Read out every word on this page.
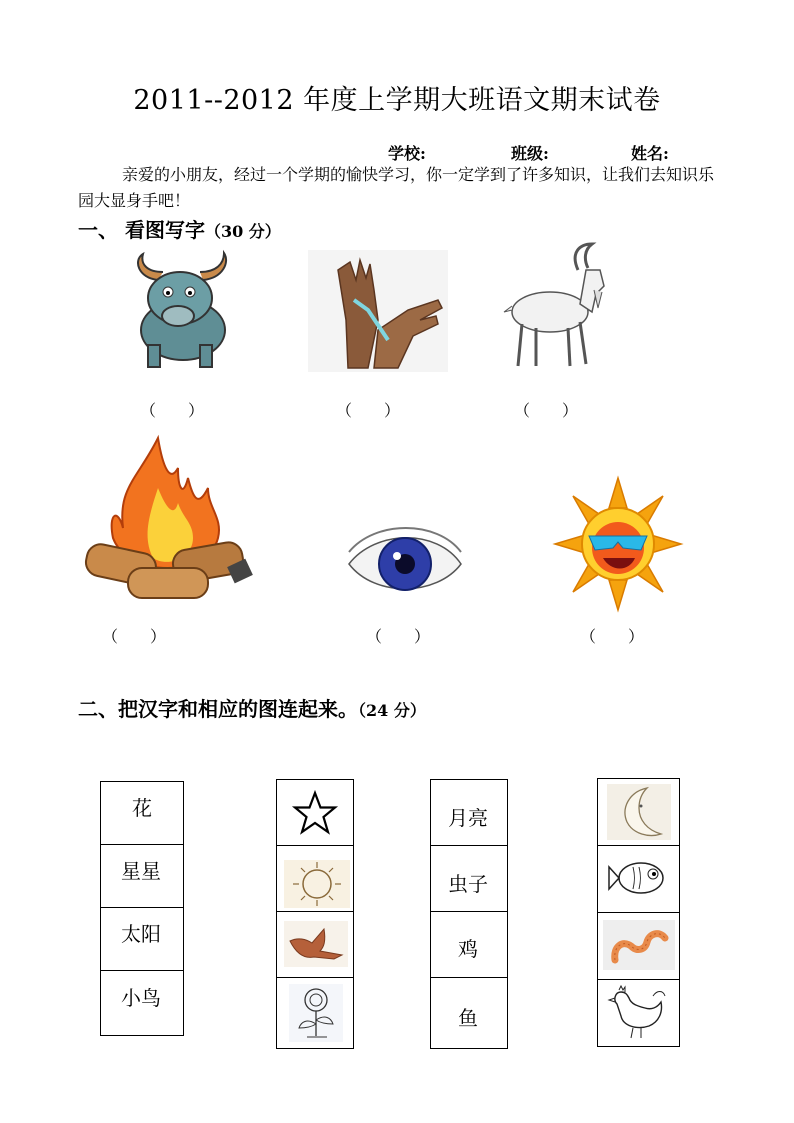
2011--2012 年度上学期大班语文期末试卷
学校:	班级:	姓名:
亲爱的小朋友，经过一个学期的愉快学习，你一定学到了许多知识，让我们去知识乐园大显身手吧！
一、 看图写字（30 分）
（　　）	（　　）	（　　）
（　　）	（　　）	（　　）
二、把汉字和相应的图连起来。（24 分）
花
星星
太阳
小鸟
月亮
虫子
鸡
鱼
